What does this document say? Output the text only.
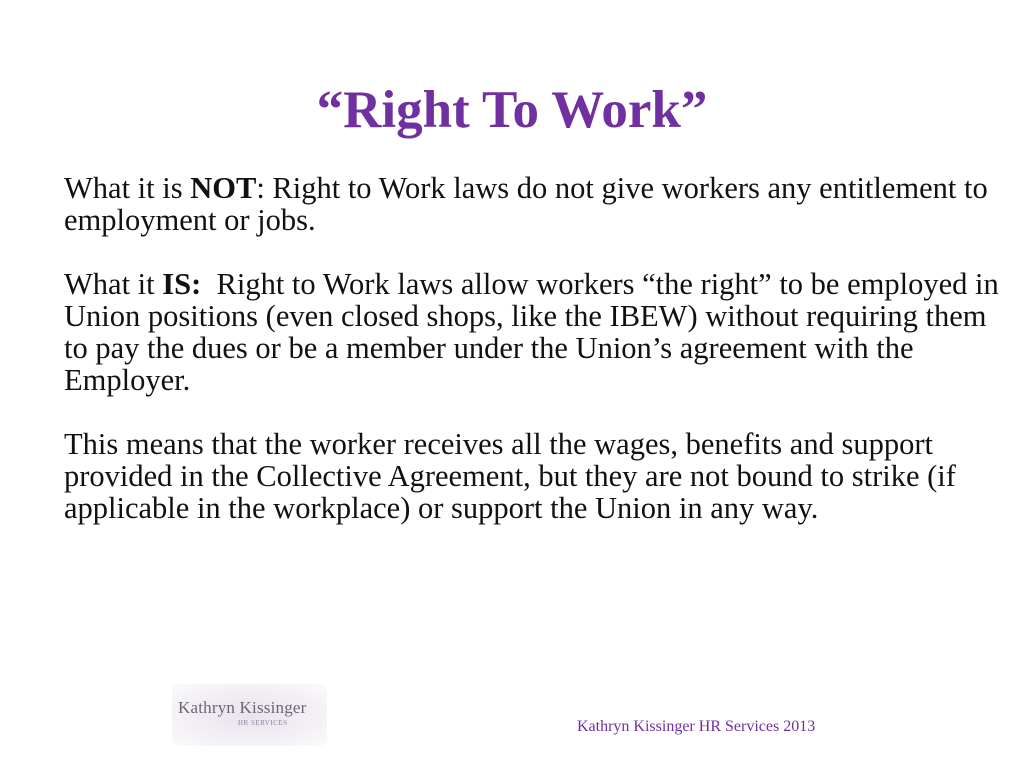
“Right To Work”

What it is NOT: Right to Work laws do not give workers any entitlement to employment or jobs.

What it IS:  Right to Work laws allow workers “the right” to be employed in Union positions (even closed shops, like the IBEW) without requiring them to pay the dues or be a member under the Union’s agreement with the Employer.

This means that the worker receives all the wages, benefits and support provided in the Collective Agreement, but they are not bound to strike (if applicable in the workplace) or support the Union in any way.

Kathryn Kissinger
HR SERVICES	Kathryn Kissinger HR Services 2013
